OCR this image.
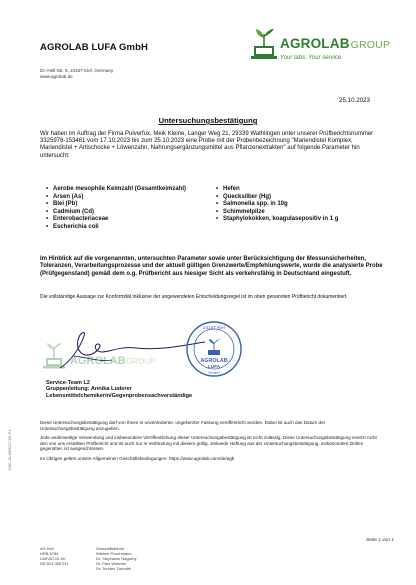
AGROLAB LUFA GmbH
Dr.-Hell-Str. 6, 24107 Kiel, Germany
www.agrolab.de
AGROLABGROUP
Your labs. Your service.
25.10.2023
Untersuchungsbestätigung
Wir haben im Auftrag der Firma Pulverfux, Meik Kleine, Langer Weg 21, 29339 Wathlingen unter unserer Prüfberichtsnummer 3325978-153461 vom 17.10.2023 bis zum 25.10.2023 eine Probe mit der Probenbezeichnung "Mariendistel Komplex, Mariendistel + Artischocke + Löwenzahn, Nahrungsergänzungsmittel aus Pflanzenextrakten" auf folgende Parameter hin untersucht:
• Aerobe mesophile Keimzahl (Gesamtkeimzahl)
• Arsen (As)
• Blei (Pb)
• Cadmium (Cd)
• Enterobacteriaceae
• Escherichia coli
• Hefen
• Quecksilber (Hg)
• Salmonella spp. in 10g
• Schimmelpilze
• Staphylokokken, koagulasepositiv in 1 g
Im Hinblick auf die vorgenannten, untersuchten Parameter sowie unter Berücksichtigung der Messunsicherheiten, Toleranzen, Verarbeitungsprozesse und der aktuell gültigen Grenzwerte/Empfehlungswerte, wurde die analysierte Probe (Prüfgegenstand) gemäß dem o.g. Prüfbericht aus hiesiger Sicht als verkehrsfähig in Deutschland eingestuft.
Die vollständige Aussage zur Konformität inklusive der angewendeten Entscheidungsregel ist im oben genannten Prüfbericht dokumentiert.
AGROLAB GROUP
24107 Kiel
AGROLAB
LUFA
GmbH
Service-Team L2
Gruppenleitung: Annika Luderer
Lebensmittelchemikerin/Gegenprobensachverständige

Diese Untersuchungsbestätigung darf von Ihnen in unveränderter, ungekürzter Fassung veröffentlicht werden. Dabei ist auch das Datum der Untersuchungsbestätigung anzugeben.

Jede anderweitige Verwendung und insbesondere Veröffentlichung dieser Untersuchungsbestätigung ist nicht zulässig. Diese Untersuchungsbestätigung ersetzt nicht den von uns erstellten Prüfbericht und ist auch nur in Verbindung mit diesem gültig. Jedwede Haftung aus der Untersuchungsbestätigung, insbesondere Dritten gegenüber, ist ausgeschlossen.

Im Übrigen gelten unsere Allgemeinen Geschäftsbedingungen: https://www.agrolab.com/de/agb

DOC-19-1865327-DE-P1
Seite 1 von 1
AG Kiel
HRB 5786
Ust/VAT-ID-Nr:
DE 813 356 511
Geschäftsführer
Wiebke Puschmann
Dr. Stephanie Nagorny
Dr. Paul Wimmer
Dr. Torsten Zurmühl
